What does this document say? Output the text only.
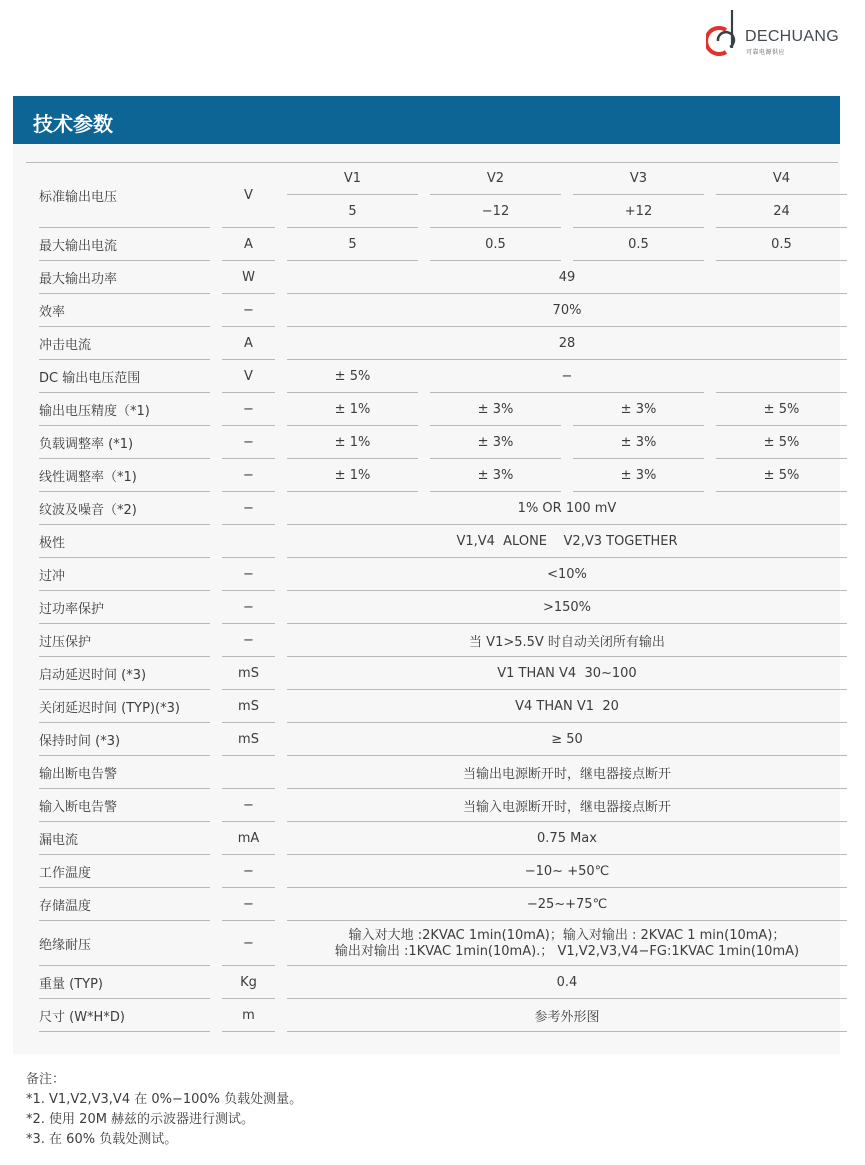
DECHUANG
可靠电源供应
技术参数
标准输出电压	V	V1	V2	V3	V4
		5	−12	+12	24
最大输出电流	A	5	0.5	0.5	0.5
最大输出功率	W	49			
效率	−	70%			
冲击电流	A	28			
DC 输出电压范围	V	± 5%	−		
输出电压精度（*1)	−	± 1%	± 3%	± 3%	± 5%
负载调整率 (*1)	−	± 1%	± 3%	± 3%	± 5%
线性调整率（*1)	−	± 1%	± 3%	± 3%	± 5%
纹波及噪音（*2)	−	1% OR 100 mV			
极性		V1,V4  ALONE    V2,V3 TOGETHER			
过冲	−	<10%			
过功率保护	−	>150%			
过压保护	−	当 V1>5.5V 时自动关闭所有输出			
启动延迟时间 (*3)	mS	V1 THAN V4  30~100			
关闭延迟时间 (TYP)(*3)	mS	V4 THAN V1  20			
保持时间 (*3)	mS	≥ 50			
输出断电告警		当输出电源断开时，继电器接点断开			
输入断电告警	−	当输入电源断开时，继电器接点断开			
漏电流	mA	0.75 Max			
工作温度	−	−10~ +50℃			
存储温度	−	−25~+75℃			
绝缘耐压	−	输入对大地 :2KVAC 1min(10mA)；输入对输出 : 2KVAC 1 min(10mA)；
输出对输出 :1KVAC 1min(10mA).； V1,V2,V3,V4−FG:1KVAC 1min(10mA)			

重量 (TYP)	Kg	0.4			
尺寸 (W*H*D)	m	参考外形图			
备注：
*1. V1,V2,V3,V4 在 0%−100% 负载处测量。
*2. 使用 20M 赫兹的示波器进行测试。
*3. 在 60% 负载处测试。
